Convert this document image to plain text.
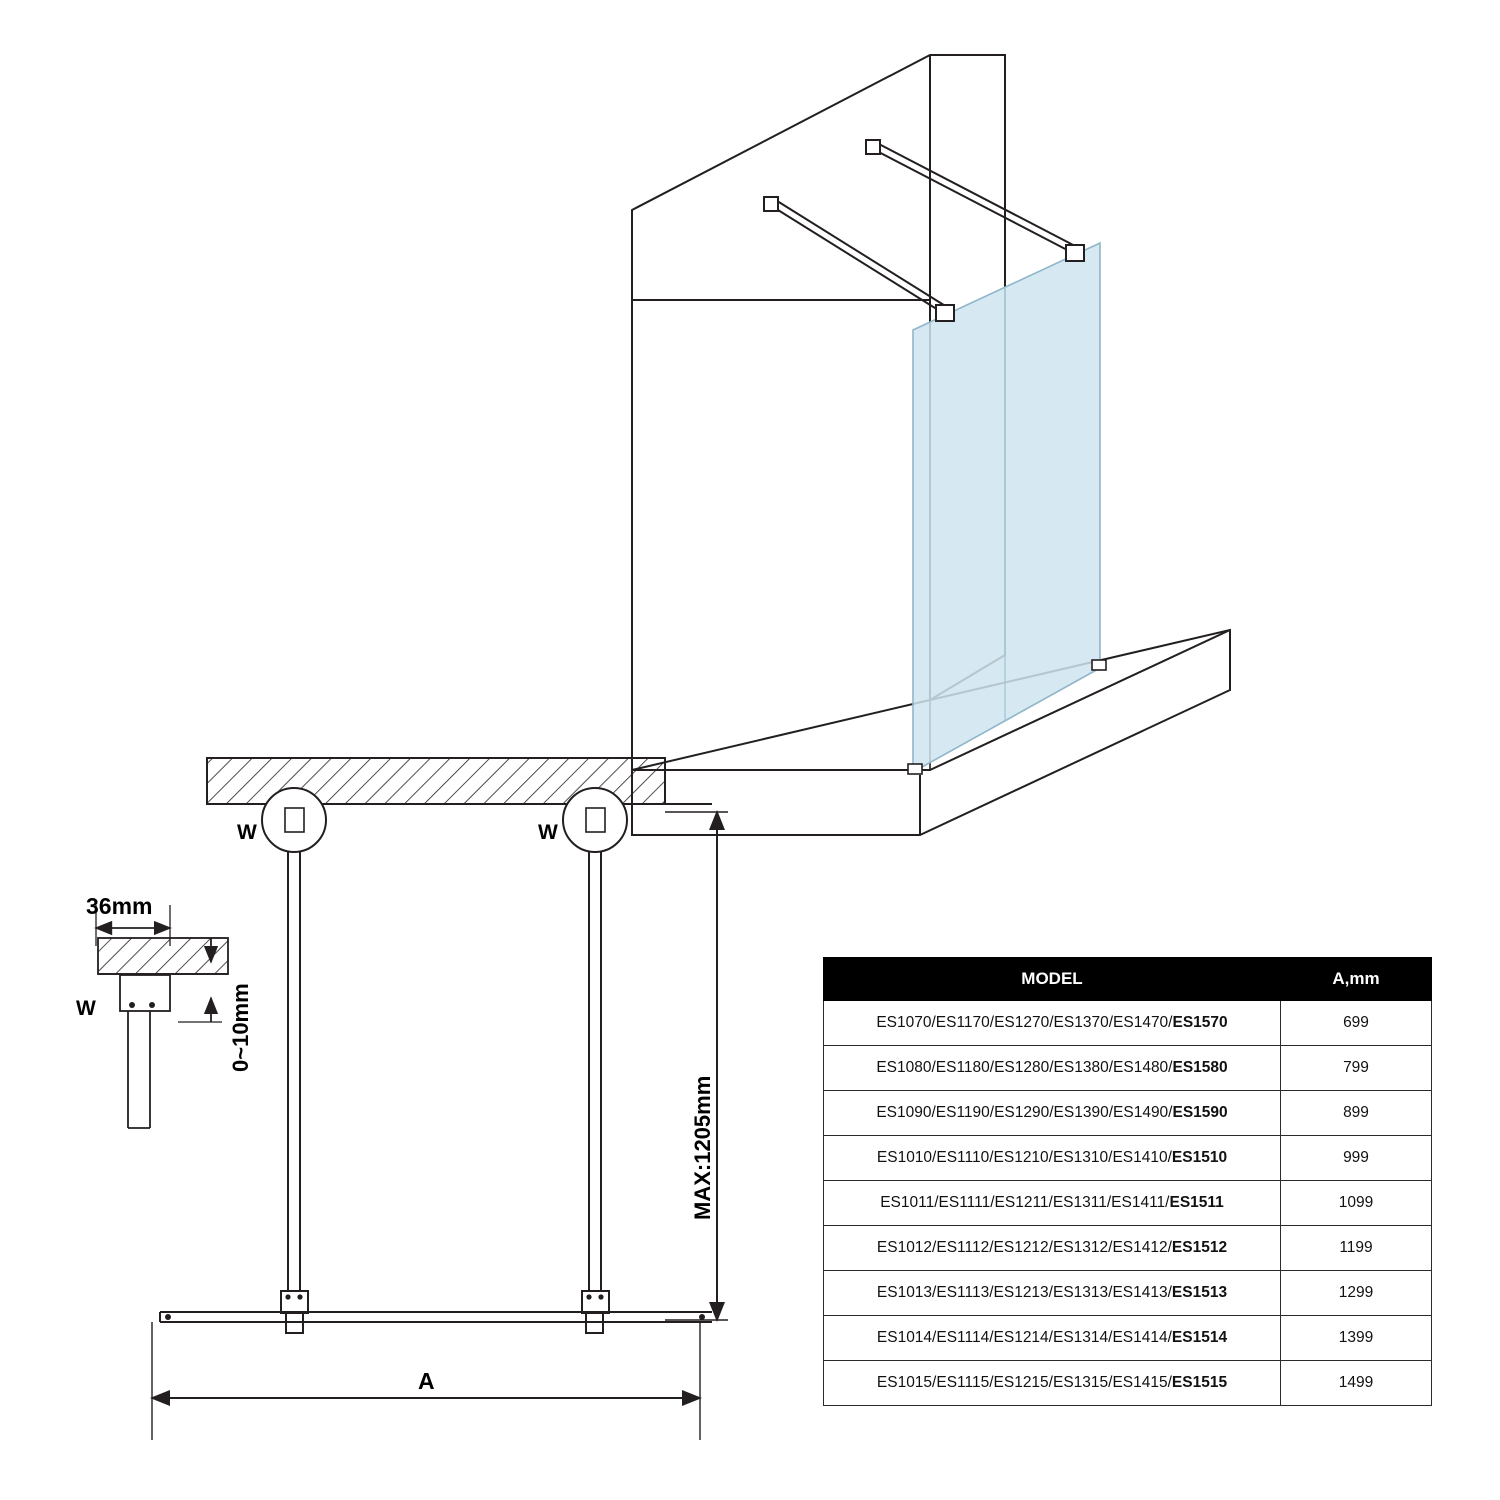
36mm
W	W
W	0~10mm
MAX:1205mm
A
MODEL	A,mm
ES1070/ES1170/ES1270/ES1370/ES1470/ES1570	699
ES1080/ES1180/ES1280/ES1380/ES1480/ES1580	799
ES1090/ES1190/ES1290/ES1390/ES1490/ES1590	899
ES1010/ES1110/ES1210/ES1310/ES1410/ES1510	999
ES1011/ES1111/ES1211/ES1311/ES1411/ES1511	1099
ES1012/ES1112/ES1212/ES1312/ES1412/ES1512	1199
ES1013/ES1113/ES1213/ES1313/ES1413/ES1513	1299
ES1014/ES1114/ES1214/ES1314/ES1414/ES1514	1399
ES1015/ES1115/ES1215/ES1315/ES1415/ES1515	1499
